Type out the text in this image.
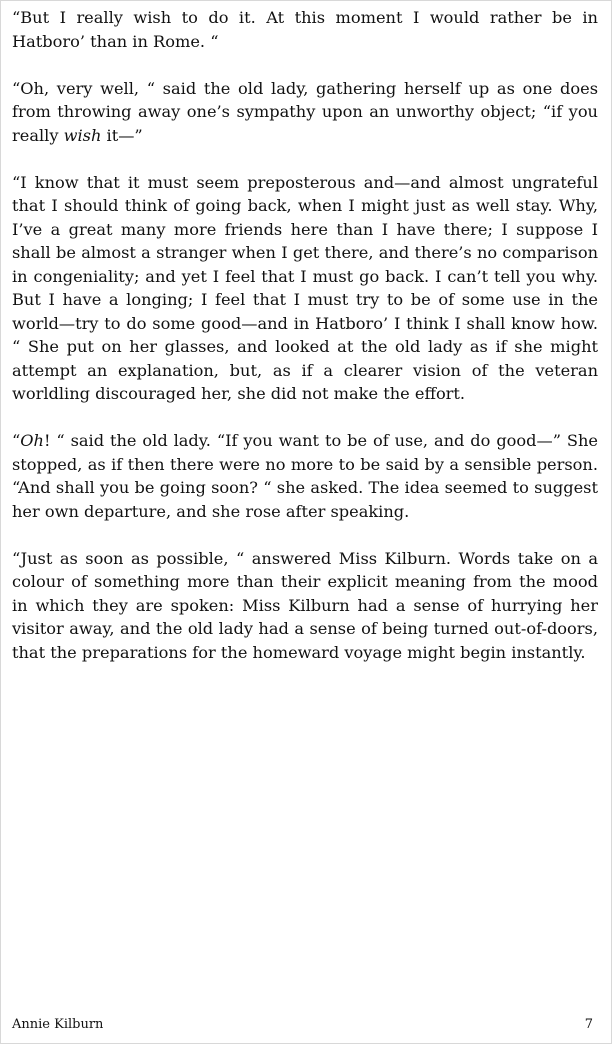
“But I really wish to do it. At this moment I would rather be in Hatboro’ than in Rome. “

“Oh, very well, “ said the old lady, gathering herself up as one does from throwing away one’s sympathy upon an unworthy object; “if you really wish it—”

“I know that it must seem preposterous and—and almost ungrateful that I should think of going back, when I might just as well stay. Why, I’ve a great many more friends here than I have there; I suppose I shall be almost a stranger when I get there, and there’s no comparison in congeniality; and yet I feel that I must go back. I can’t tell you why. But I have a longing; I feel that I must try to be of some use in the world—try to do some good—and in Hatboro’ I think I shall know how. “ She put on her glasses, and looked at the old lady as if she might attempt an explanation, but, as if a clearer vision of the veteran worldling discouraged her, she did not make the effort.

“Oh! “ said the old lady. “If you want to be of use, and do good—” She stopped, as if then there were no more to be said by a sensible person. “And shall you be going soon? “ she asked. The idea seemed to suggest her own departure, and she rose after speaking.

“Just as soon as possible, “ answered Miss Kilburn. Words take on a colour of something more than their explicit meaning from the mood in which they are spoken: Miss Kilburn had a sense of hurrying her visitor away, and the old lady had a sense of being turned out-of-doors, that the preparations for the homeward voyage might begin instantly.

Annie Kilburn	7
